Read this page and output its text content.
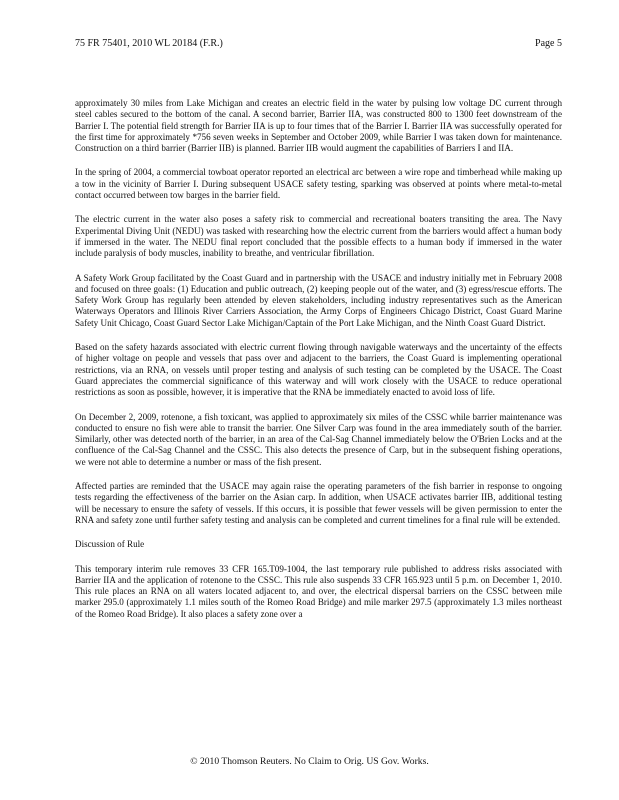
75 FR 75401, 2010 WL 20184 (F.R.)	Page 5

approximately 30 miles from Lake Michigan and creates an electric field in the water by pulsing low voltage DC current through steel cables secured to the bottom of the canal. A second barrier, Barrier IIA, was constructed 800 to 1300 feet downstream of the Barrier I. The potential field strength for Barrier IIA is up to four times that of the Barrier I. Barrier IIA was successfully operated for the first time for approximately *756 seven weeks in September and October 2009, while Barrier I was taken down for maintenance. Construction on a third barrier (Barrier IIB) is planned. Barrier IIB would augment the capabilities of Barriers I and IIA.

In the spring of 2004, a commercial towboat operator reported an electrical arc between a wire rope and timberhead while making up a tow in the vicinity of Barrier I. During subsequent USACE safety testing, sparking was observed at points where metal-to-metal contact occurred between tow barges in the barrier field.

The electric current in the water also poses a safety risk to commercial and recreational boaters transiting the area. The Navy Experimental Diving Unit (NEDU) was tasked with researching how the electric current from the barriers would affect a human body if immersed in the water. The NEDU final report concluded that the possible effects to a human body if immersed in the water include paralysis of body muscles, inability to breathe, and ventricular fibrillation.

A Safety Work Group facilitated by the Coast Guard and in partnership with the USACE and industry initially met in February 2008 and focused on three goals: (1) Education and public outreach, (2) keeping people out of the water, and (3) egress/rescue efforts. The Safety Work Group has regularly been attended by eleven stakeholders, including industry representatives such as the American Waterways Operators and Illinois River Carriers Association, the Army Corps of Engineers Chicago District, Coast Guard Marine Safety Unit Chicago, Coast Guard Sector Lake Michigan/Captain of the Port Lake Michigan, and the Ninth Coast Guard District.

Based on the safety hazards associated with electric current flowing through navigable waterways and the uncertainty of the effects of higher voltage on people and vessels that pass over and adjacent to the barriers, the Coast Guard is implementing operational restrictions, via an RNA, on vessels until proper testing and analysis of such testing can be completed by the USACE. The Coast Guard appreciates the commercial significance of this waterway and will work closely with the USACE to reduce operational restrictions as soon as possible, however, it is imperative that the RNA be immediately enacted to avoid loss of life.

On December 2, 2009, rotenone, a fish toxicant, was applied to approximately six miles of the CSSC while barrier maintenance was conducted to ensure no fish were able to transit the barrier. One Silver Carp was found in the area immediately south of the barrier. Similarly, other was detected north of the barrier, in an area of the Cal-Sag Channel immediately below the O'Brien Locks and at the confluence of the Cal-Sag Channel and the CSSC. This also detects the presence of Carp, but in the subsequent fishing operations, we were not able to determine a number or mass of the fish present.

Affected parties are reminded that the USACE may again raise the operating parameters of the fish barrier in response to ongoing tests regarding the effectiveness of the barrier on the Asian carp. In addition, when USACE activates barrier IIB, additional testing will be necessary to ensure the safety of vessels. If this occurs, it is possible that fewer vessels will be given permission to enter the RNA and safety zone until further safety testing and analysis can be completed and current timelines for a final rule will be extended.

Discussion of Rule

This temporary interim rule removes 33 CFR 165.T09-1004, the last temporary rule published to address risks associated with Barrier IIA and the application of rotenone to the CSSC. This rule also suspends 33 CFR 165.923 until 5 p.m. on December 1, 2010. This rule places an RNA on all waters located adjacent to, and over, the electrical dispersal barriers on the CSSC between mile marker 295.0 (approximately 1.1 miles south of the Romeo Road Bridge) and mile marker 297.5 (approximately 1.3 miles northeast of the Romeo Road Bridge). It also places a safety zone over a

© 2010 Thomson Reuters. No Claim to Orig. US Gov. Works.
